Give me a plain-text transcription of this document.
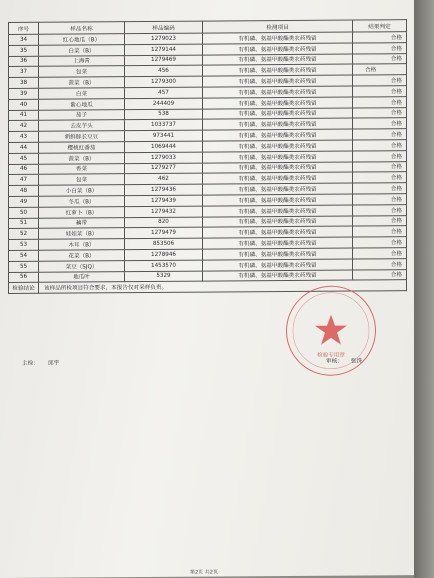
序号	样品名称	样品编码	检测项目	结果判定
34	红心地瓜（B）	1279023	有机磷、氨基甲酸酯类农药残留	合格
35	白菜（B）	1279144	有机磷、氨基甲酸酯类农药残留	合格
36	上海青	1279469	有机磷、氨基甲酸酯类农药残留	合格
37	包菜	456	有机磷、氨基甲酸酯类农药残留	合格
38	菠菜（B）	1279300	有机磷、氨基甲酸酯类农药残留	合格
39	白菜	457	有机磷、氨基甲酸酯类农药残留	合格
40	紫心地瓜	244409	有机磷、氨基甲酸酯类农药残留	合格
41	茄子	538	有机磷、氨基甲酸酯类农药残留	合格
42	去皮芋头	1033737	有机磷、氨基甲酸酯类农药残留	合格
43	新鲜豚长豆豆	973441	有机磷、氨基甲酸酯类农药残留	合格
44	樱桃红番茄	1069444	有机磷、氨基甲酸酯类农药残留	合格
45	菠菜（B）	1279033	有机磷、氨基甲酸酯类农药残留	合格
46	香菜	1279277	有机磷、氨基甲酸酯类农药残留	合格
47	包菜	462	有机磷、氨基甲酸酯类农药残留	合格
48	小白菜（B）	1279436	有机磷、氨基甲酸酯类农药残留	合格
49	冬瓜（B）	1279439	有机磷、氨基甲酸酯类农药残留	合格
50	红萝卜（B）	1279432	有机磷、氨基甲酸酯类农药残留	合格
51	藕带	820	有机磷、氨基甲酸酯类农药残留	合格
52	娃娃菜（B）	1279479	有机磷、氨基甲酸酯类农药残留	合格
53	木耳（B）	853506	有机磷、氨基甲酸酯类农药残留	合格
54	花菜（B）	1278946	有机磷、氨基甲酸酯类农药残留	合格
55	菜豆（SJQ）	1453570	有机磷、氨基甲酸酯类农药残留	合格
56	地瓜叶	5329	有机磷、氨基甲酸酯类农药残留	合格
检验结论	该样品所检项目符合要求，本报告仅对采样负责。			
主检： 邱宇	审核： 张洗
检验专用章
第2页 共2页
